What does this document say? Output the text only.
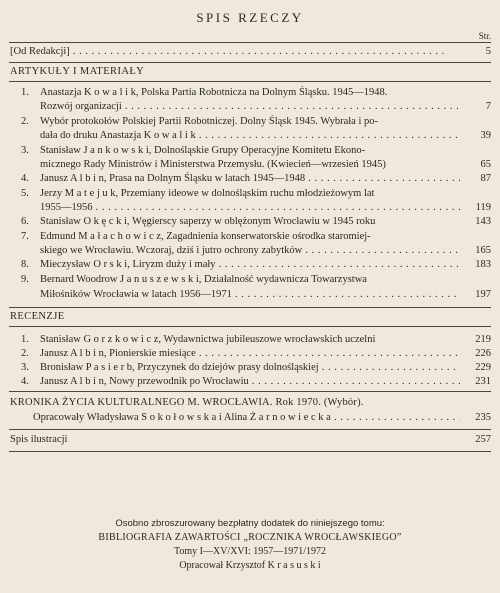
SPIS RZECZY
Str.
[Od Redakcji] . . .	5
ARTYKUŁY I MATERIAŁY
1. Anastazja K o w a l i k, Polska Partia Robotnicza na Dolnym Śląsku. 1945—1948.
Rozwój organizacji . . .	7
2. Wybór protokołów Polskiej Partii Robotniczej. Dolny Śląsk 1945. Wybrała i po-
dała do druku Anastazja K o w a l i k . . .	39
3. Stanisław J a n k o w s k i, Dolnośląskie Grupy Operacyjne Komitetu Ekono-
micznego Rady Ministrów i Ministerstwa Przemysłu. (Kwiecień—wrzesień 1945)	65
4. Janusz A l b i n, Prasa na Dolnym Śląsku w latach 1945—1948 . . .	87
5. Jerzy M a t e j u k, Przemiany ideowe w dolnośląskim ruchu młodzieżowym lat
1955—1956 . . .	119
6. Stanisław O k ę c k i, Węgierscy saperzy w oblężonym Wrocławiu w 1945 roku	143
7. Edmund M a ł a c h o w i c z, Zagadnienia konserwatorskie ośrodka staromiej-
skiego we Wrocławiu. Wczoraj, dziś i jutro ochrony zabytków . . .	165
8. Mieczysław O r s k i, Liryzm duży i mały . . .	183
9. Bernard Woodrow J a n u s z e w s k i, Działalność wydawnicza Towarzystwa
Miłośników Wrocławia w latach 1956—1971 . . .	197
RECENZJE
1. Stanisław G o r z k o w i c z, Wydawnictwa jubileuszowe wrocławskich uczelni	219
2. Janusz A l b i n, Pionierskie miesiące . . .	226
3. Bronisław P a s i e r b, Przyczynek do dziejów prasy dolnośląskiej . . .	229
4. Janusz A l b i n, Nowy przewodnik po Wrocławiu . . .	231
KRONIKA ŻYCIA KULTURALNEGO M. WROCŁAWIA. Rok 1970. (Wybór).
Opracowały Władysława S o k o ł o w s k a i Alina Ż a r n o w i e c k a . . .	235
Spis ilustracji	257
Osobno zbroszurowany bezpłatny dodatek do niniejszego tomu:
BIBLIOGRAFIA ZAWARTOŚCI „ROCZNIKA WROCŁAWSKIEGO”
Tomy I—XV/XVI: 1957—1971/1972
Opracował Krzysztof K r a s u s k i
